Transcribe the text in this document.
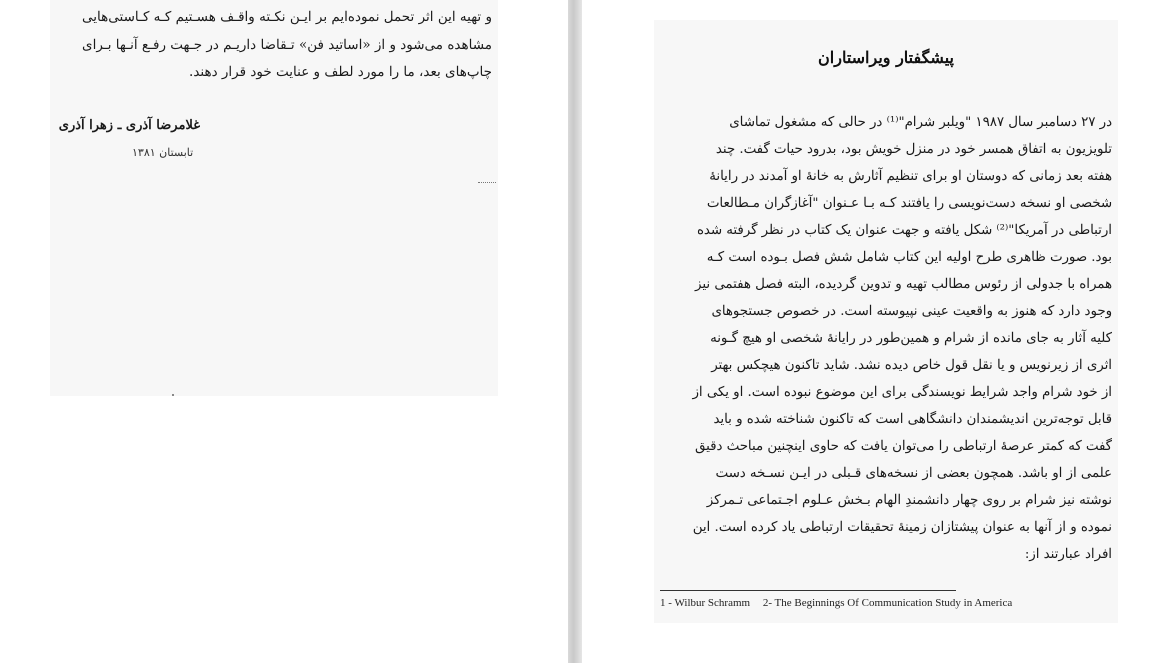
و تهیه این اثر تحمل نموده‌ایم بر ایـن نکـته واقـف هسـتیم کـه کـاستی‌هایی
مشاهده می‌شود و از «اساتید فن» تـقاضا داریـم در جـهت رفـع آنـها بـرای
چاپ‌های بعد، ما را مورد لطف و عنایت خود قرار دهند.

غلامرضا آذری ـ زهرا آذری
تابستان ۱۳۸۱
پیشگفتار ویراستاران

در ۲۷ دسامبر سال ۱۹۸۷ "ویلبر شرام"⁽¹⁾ در حالی که مشغول تماشای
تلویزیون به اتفاق همسر خود در منزل خویش بود، بدرود حیات گفت. چند
هفته بعد زمانی که دوستان او برای تنظیم آثارش به خانهٔ او آمدند در رایانهٔ
شخصی او نسخه دست‌نویسی را یافتند کـه بـا عـنوان "آغازگران مـطالعات
ارتباطی در آمریکا"⁽²⁾ شکل یافته و جهت عنوان یک کتاب در نظر گرفته شده
بود. صورت ظاهری طرح اولیه این کتاب شامل شش فصل بـوده است کـه
همراه با جدولی از رئوس مطالب تهیه و تدوین گردیده، البته فصل هفتمی نیز
وجود دارد که هنوز به واقعیت عینی نپیوسته است. در خصوص جستجوهای
کلیه آثار به جای مانده از شرام و همین‌طور در رایانهٔ شخصی او هیچ گـونه
اثری از زیرنویس و یا نقل قول خاص دیده نشد. شاید تاکنون هیچکس بهتر
از خود شرام واجد شرایط نویسندگی برای این موضوع نبوده است. او یکی از
قابل توجه‌ترین اندیشمندان دانشگاهی است که تاکنون شناخته شده و باید
گفت که کمتر عرصهٔ ارتباطی را می‌توان یافت که حاوی اینچنین مباحث دقیق
علمی از او باشد. همچون بعضی از نسخه‌های قـبلی در ایـن نسـخه دست
نوشته نیز شرام بر روی چهار دانشمندِ الهام بـخش عـلوم اجـتماعی تـمرکز
نموده و از آنها به عنوان پیشتازان زمینهٔ تحقیقات ارتباطی یاد کرده است. این
افراد عبارتند از:

1 - Wilbur Schramm 2- The Beginnings Of Communication Study in America
